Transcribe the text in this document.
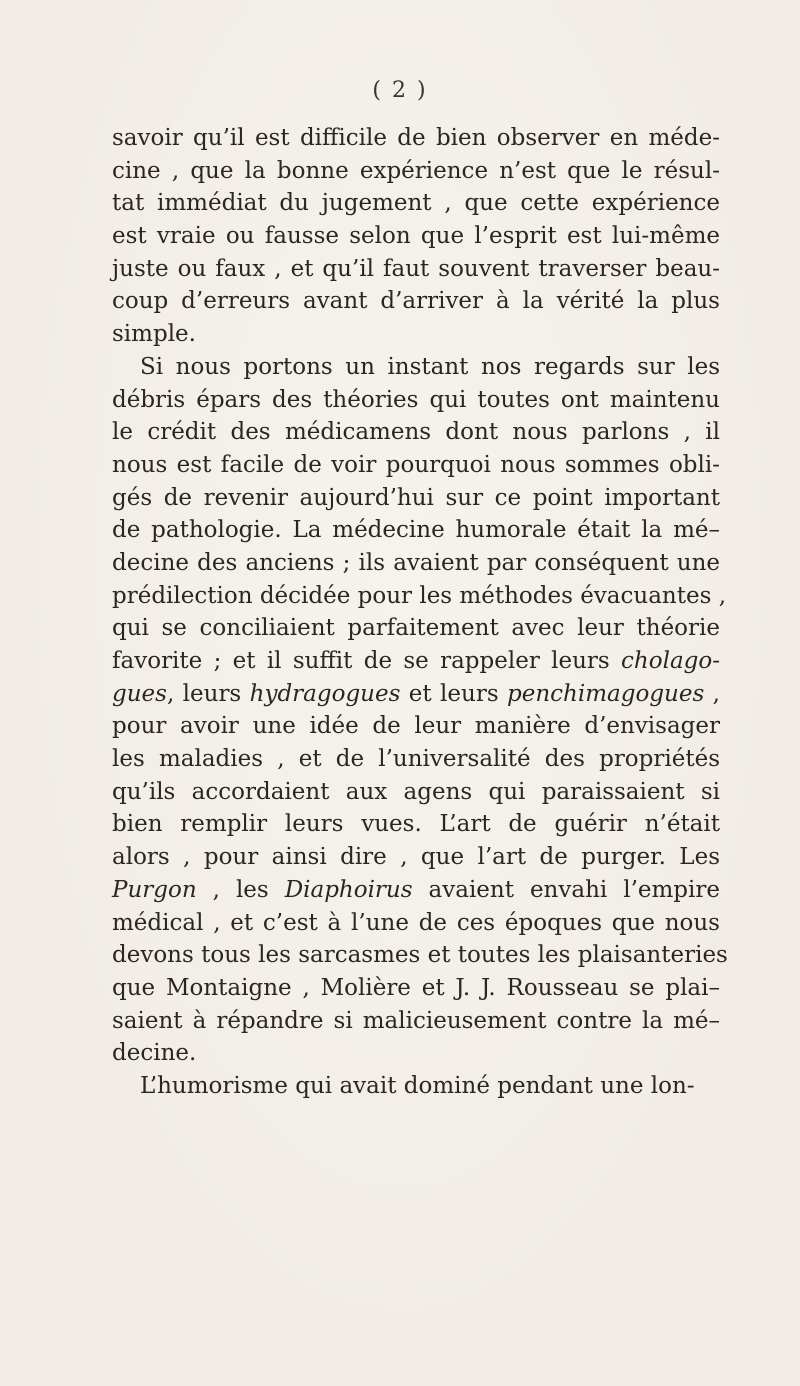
( 2 )
savoir qu’il est difficile de bien observer en méde-
cine , que la bonne expérience n’est que le résul-
tat immédiat du jugement , que cette expérience
est vraie ou fausse selon que l’esprit est lui-même
juste ou faux , et qu’il faut souvent traverser beau-
coup d’erreurs avant d’arriver à la vérité la plus
simple.
Si nous portons un instant nos regards sur les
débris épars des théories qui toutes ont maintenu
le crédit des médicamens dont nous parlons , il
nous est facile de voir pourquoi nous sommes obli-
gés de revenir aujourd’hui sur ce point important
de pathologie. La médecine humorale était la mé–
decine des anciens ; ils avaient par conséquent une
prédilection décidée pour les méthodes évacuantes ,
qui se conciliaient parfaitement avec leur théorie
favorite ; et il suffit de se rappeler leurs cholago-
gues, leurs hydragogues et leurs penchimagogues ,
pour avoir une idée de leur manière d’envisager
les maladies , et de l’universalité des propriétés
qu’ils accordaient aux agens qui paraissaient si
bien remplir leurs vues. L’art de guérir n’était
alors , pour ainsi dire , que l’art de purger. Les
Purgon , les Diaphoirus avaient envahi l’empire
médical , et c’est à l’une de ces époques que nous
devons tous les sarcasmes et toutes les plaisanteries
que Montaigne , Molière et J. J. Rousseau se plai–
saient à répandre si malicieusement contre la mé–
decine.
L’humorisme qui avait dominé pendant une lon-
